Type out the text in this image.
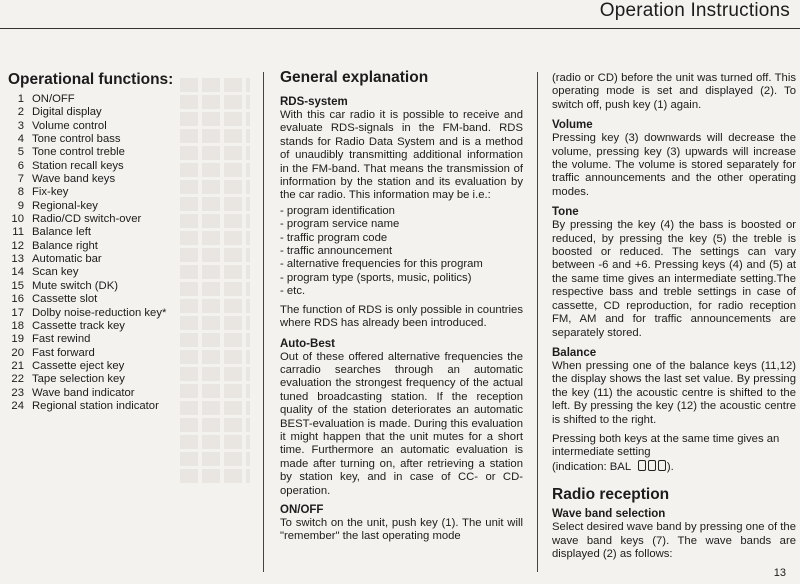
Operation Instructions
Operational functions:
1 ON/OFF
2 Digital display
3 Volume control
4 Tone control bass
5 Tone control treble
6 Station recall keys
7 Wave band keys
8 Fix-key
9 Regional-key
10 Radio/CD switch-over
11 Balance left
12 Balance right
13 Automatic bar
14 Scan key
15 Mute switch (DK)
16 Cassette slot
17 Dolby noise-reduction key*
18 Cassette track key
19 Fast rewind
20 Fast forward
21 Cassette eject key
22 Tape selection key
23 Wave band indicator
24 Regional station indicator
General explanation
RDS-system

With this car radio it is possible to receive and evaluate RDS-signals in the FM-band. RDS stands for Radio Data System and is a method of unaudibly transmitting additional information in the FM-band. That means the transmission of information by the station and its evaluation by the car radio. This information may be i.e.:

- program identification
- program service name
- traffic program code
- traffic announcement
- alternative frequencies for this program
- program type (sports, music, politics)
- etc.

The function of RDS is only possible in countries where RDS has already been introduced.

Auto-Best

Out of these offered alternative frequencies the carradio searches through an automatic evaluation the strongest frequency of the actual tuned broadcasting station. If the reception quality of the station deteriorates an automatic BEST-evaluation is made. During this evaluation it might happen that the unit mutes for a short time. Furthermore an automatic evaluation is made after turning on, after retrieving a station by station key, and in case of CC- or CD-operation.

ON/OFF

To switch on the unit, push key (1). The unit will "remember" the last operating mode

(radio or CD) before the unit was turned off. This operating mode is set and displayed (2). To switch off, push key (1) again.

Volume

Pressing key (3) downwards will decrease the volume, pressing key (3) upwards will increase the volume. The volume is stored separately for traffic announcements and the other operating modes.

Tone

By pressing the key (4) the bass is boosted or reduced, by pressing the key (5) the treble is boosted or reduced. The settings can vary between -6 and +6. Pressing keys (4) and (5) at the same time gives an intermediate setting.The respective bass and treble settings in case of cassette, CD reproduction, for radio reception FM, AM and for traffic announcements are separately stored.

Balance

When pressing one of the balance keys (11,12) the display shows the last set value. By pressing the key (11) the acoustic centre is shifted to the left. By pressing the key (12) the acoustic centre is shifted to the right.

Pressing both keys at the same time gives an intermediate setting
(indication: BAL	).

Radio reception
Wave band selection

Select desired wave band by pressing one of the wave band keys (7). The wave bands are displayed (2) as follows:

13
